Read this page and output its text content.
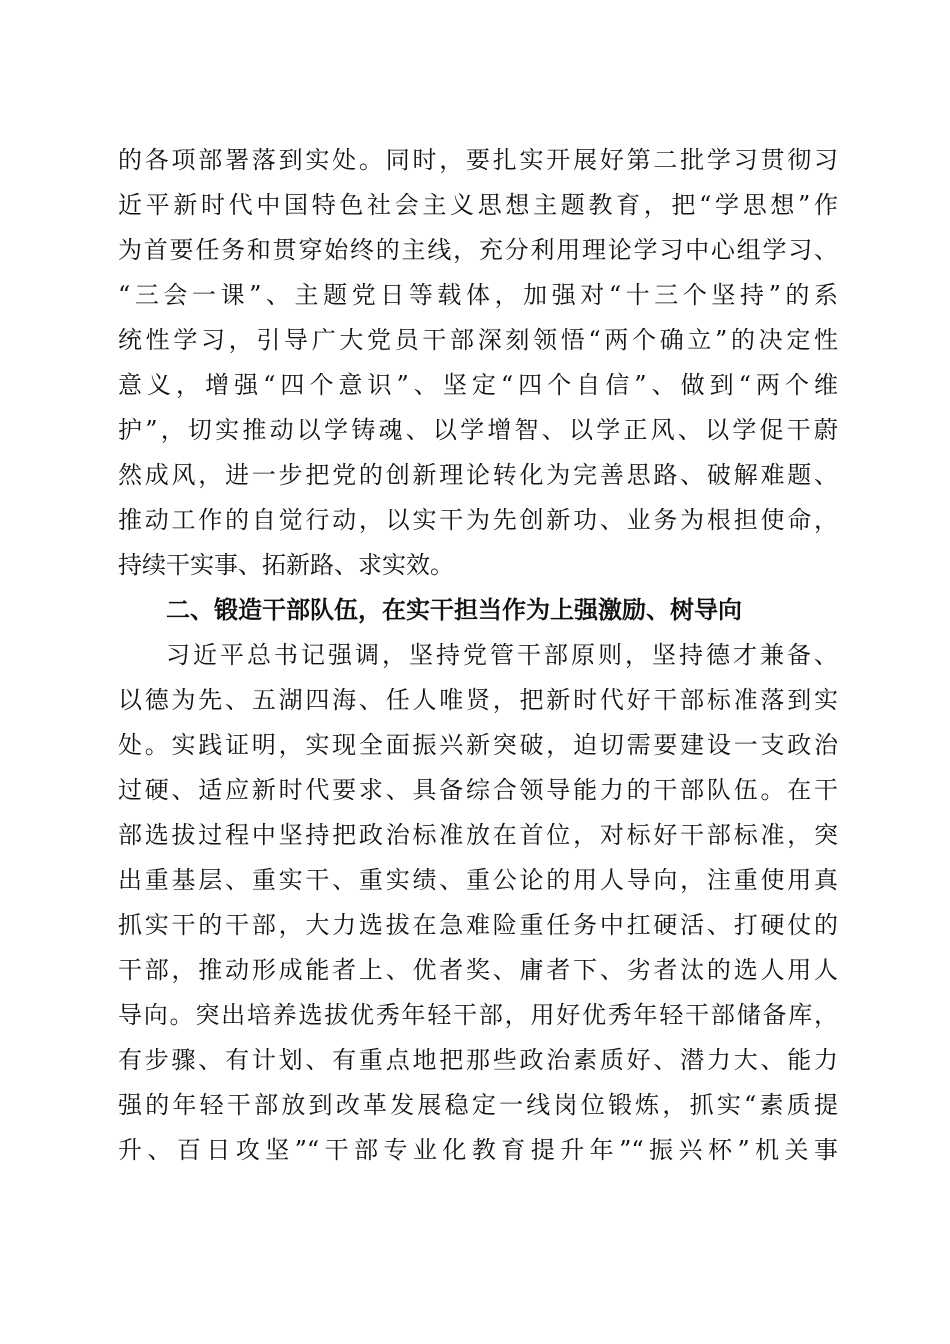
的各项部署落到实处。同时，要扎实开展好第二批学习贯彻习
近平新时代中国特色社会主义思想主题教育，把“学思想”作
为首要任务和贯穿始终的主线，充分利用理论学习中心组学习、
“三会一课”、主题党日等载体，加强对“十三个坚持”的系
统性学习，引导广大党员干部深刻领悟“两个确立”的决定性
意义，增强“四个意识”、坚定“四个自信”、做到“两个维
护”，切实推动以学铸魂、以学增智、以学正风、以学促干蔚
然成风，进一步把党的创新理论转化为完善思路、破解难题、
推动工作的自觉行动，以实干为先创新功、业务为根担使命，
持续干实事、拓新路、求实效。
二、锻造干部队伍，在实干担当作为上强激励、树导向
习近平总书记强调，坚持党管干部原则，坚持德才兼备、
以德为先、五湖四海、任人唯贤，把新时代好干部标准落到实
处。实践证明，实现全面振兴新突破，迫切需要建设一支政治
过硬、适应新时代要求、具备综合领导能力的干部队伍。在干
部选拔过程中坚持把政治标准放在首位，对标好干部标准，突
出重基层、重实干、重实绩、重公论的用人导向，注重使用真
抓实干的干部，大力选拔在急难险重任务中扛硬活、打硬仗的
干部，推动形成能者上、优者奖、庸者下、劣者汰的选人用人
导向。突出培养选拔优秀年轻干部，用好优秀年轻干部储备库，
有步骤、有计划、有重点地把那些政治素质好、潜力大、能力
强的年轻干部放到改革发展稳定一线岗位锻炼，抓实“素质提
升、百日攻坚”“干部专业化教育提升年”“振兴杯”机关事
